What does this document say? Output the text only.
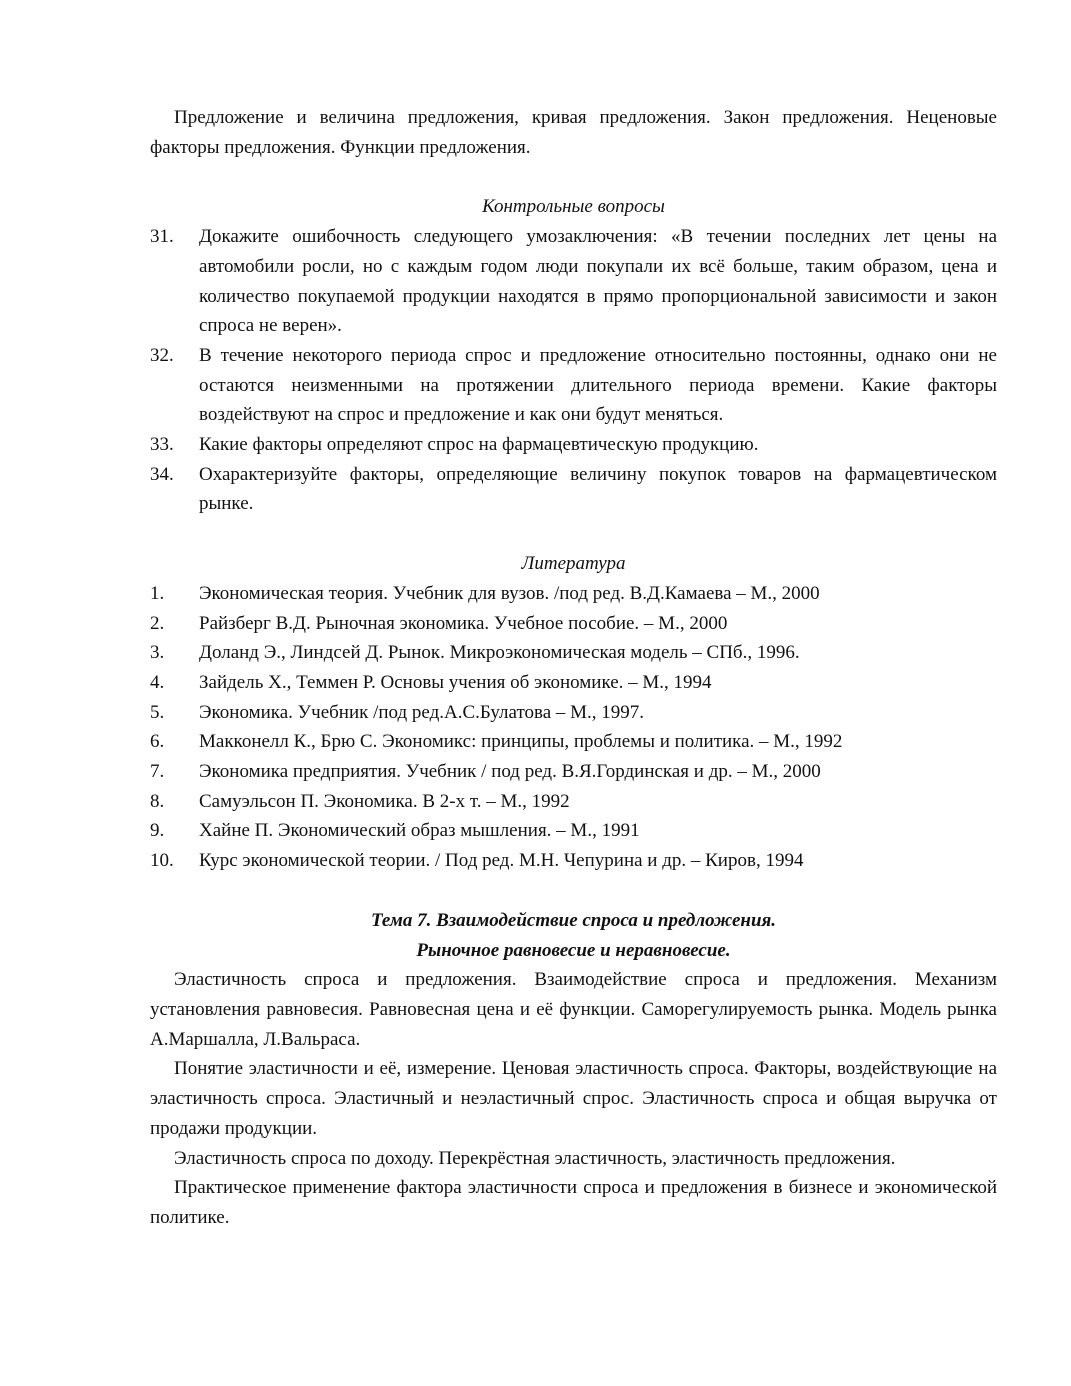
Предложение и величина предложения, кривая предложения. Закон предложения. Неценовые факторы предложения. Функции предложения.

Контрольные вопросы

31.	Докажите ошибочность следующего умозаключения: «В течении последних лет цены на автомобили росли, но с каждым годом люди покупали их всё больше, таким образом, цена и количество покупаемой продукции находятся в прямо пропорциональной зависимости и закон спроса не верен».
32.	В течение некоторого периода спрос и предложение относительно постоянны, однако они не остаются неизменными на протяжении длительного периода времени. Какие факторы воздействуют на спрос и предложение и как они будут меняться.
33.	Какие факторы определяют спрос на фармацевтическую продукцию.
34.	Охарактеризуйте факторы, определяющие величину покупок товаров на фармацевтическом рынке.

Литература

1.	Экономическая теория. Учебник для вузов. /под ред. В.Д.Камаева – М., 2000
2.	Райзберг В.Д. Рыночная экономика. Учебное пособие. – М., 2000
3.	Доланд Э., Линдсей Д. Рынок. Микроэкономическая модель – СПб., 1996.
4.	Зайдель Х., Теммен Р. Основы учения об экономике. – М., 1994
5.	Экономика. Учебник /под ред.А.С.Булатова – М., 1997.
6.	Макконелл К., Брю С. Экономикс: принципы, проблемы и политика. – М., 1992
7.	Экономика предприятия. Учебник / под ред. В.Я.Гординская и др. – М., 2000
8.	Самуэльсон П. Экономика. В 2-х т. – М., 1992
9.	Хайне П. Экономический образ мышления. – М., 1991
10.	Курс экономической теории. / Под ред. М.Н. Чепурина и др. – Киров, 1994

Тема 7. Взаимодействие спроса и предложения.

Рыночное равновесие и неравновесие.

Эластичность спроса и предложения. Взаимодействие спроса и предложения. Механизм установления равновесия. Равновесная цена и её функции. Саморегулируемость рынка. Модель рынка А.Маршалла, Л.Вальраса.

Понятие эластичности и её, измерение. Ценовая эластичность спроса. Факторы, воздействующие на эластичность спроса. Эластичный и неэластичный спрос. Эластичность спроса и общая выручка от продажи продукции.

Эластичность спроса по доходу. Перекрёстная эластичность, эластичность предложения.

Практическое применение фактора эластичности спроса и предложения в бизнесе и экономической политике.
